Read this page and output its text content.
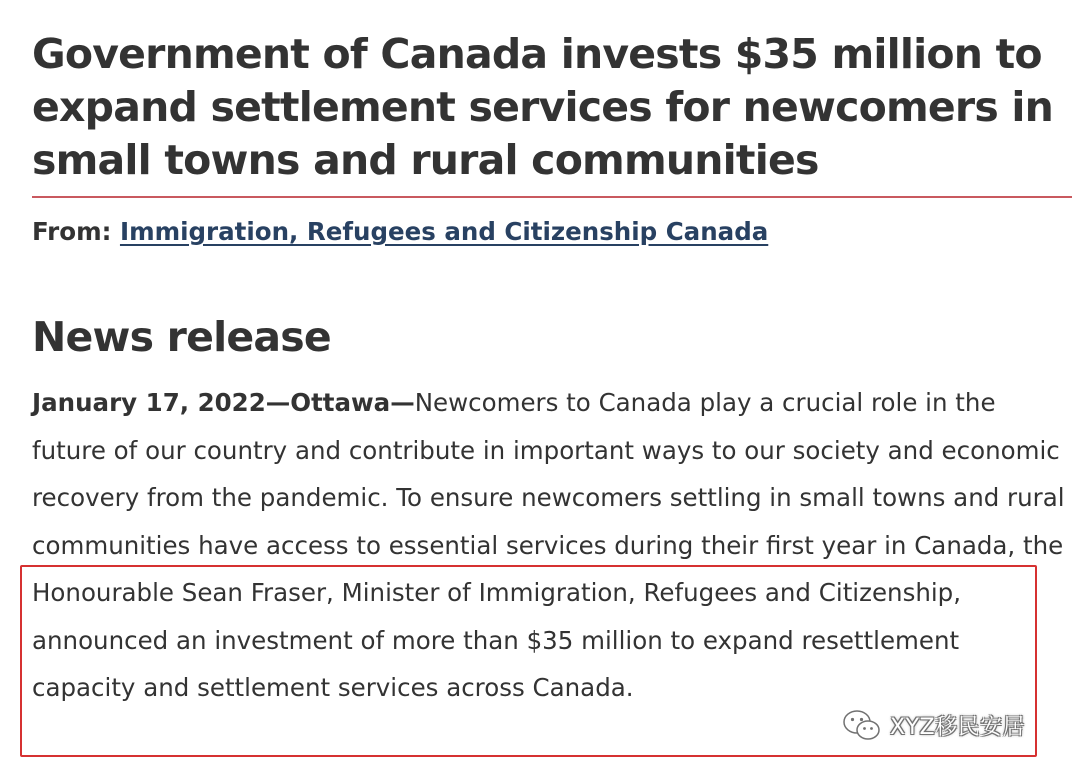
Government of Canada invests $35 million to expand settlement services for newcomers in small towns and rural communities
From: Immigration, Refugees and Citizenship Canada
News release

January 17, 2022—Ottawa—Newcomers to Canada play a crucial role in the future of our country and contribute in important ways to our society and economic recovery from the pandemic. To ensure newcomers settling in small towns and rural communities have access to essential services during their first year in Canada, the Honourable Sean Fraser, Minister of Immigration, Refugees and Citizenship, announced an investment of more than $35 million to expand resettlement capacity and settlement services across Canada.

XYZ移民安居
